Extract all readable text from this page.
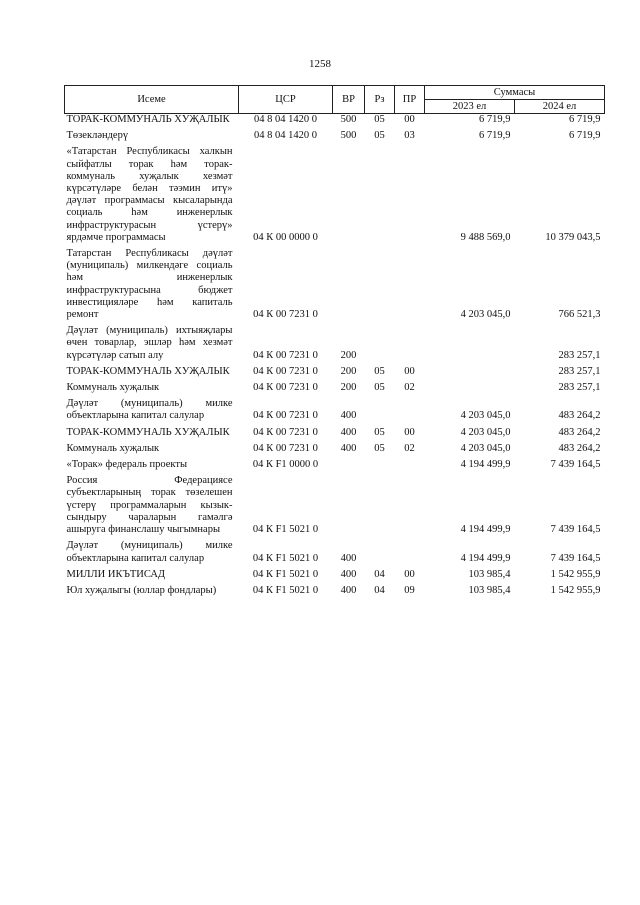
1258
Исеме	ЦСР	ВР	Рз	ПР	Суммасы	
					2023 ел	2024 ел
ТОРАК-КОММУНАЛЬ ХУҖАЛЫК	04 8 04 1420 0	500	05	00	6 719,9	6 719,9
Төзекләндерү	04 8 04 1420 0	500	05	03	6 719,9	6 719,9
«Татарстан Республикасы халкын сыйфатлы торак һәм торак-коммуналь хуҗалык хезмәт күрсәтүләре белән тәэмин итү» дәүләт программасы кысаларында социаль һәм инженерлык инфраструктурасын үстерү» ярдәмче программасы	04 К 00 0000 0				9 488 569,0	10 379 043,5
Татарстан Республикасы дәүләт (муниципаль) милкендәге социаль һәм инженерлык инфраструктурасына бюджет инвестицияләре һәм капиталь ремонт	04 К 00 7231 0				4 203 045,0	766 521,3
Дәүләт (муниципаль) ихтыяҗлары өчен товарлар, эшләр һәм хезмәт күрсәтүләр сатып алу	04 К 00 7231 0	200				283 257,1
ТОРАК-КОММУНАЛЬ ХУҖАЛЫК	04 К 00 7231 0	200	05	00		283 257,1
Коммуналь хуҗалык	04 К 00 7231 0	200	05	02		283 257,1
Дәүләт (муниципаль) милке объектларына капитал салулар	04 К 00 7231 0	400			4 203 045,0	483 264,2
ТОРАК-КОММУНАЛЬ ХУҖАЛЫК	04 К 00 7231 0	400	05	00	4 203 045,0	483 264,2
Коммуналь хуҗалык	04 К 00 7231 0	400	05	02	4 203 045,0	483 264,2
«Торак» федераль проекты	04 К F1 0000 0				4 194 499,9	7 439 164,5
Россия Федерациясе субъектларының торак төзелешен үстерү программаларын кызык-сындыру чараларын гамәлгә ашыруга финанслашу чыгымнары	04 К F1 5021 0				4 194 499,9	7 439 164,5
Дәүләт (муниципаль) милке объектларына капитал салулар	04 К F1 5021 0	400			4 194 499,9	7 439 164,5
МИЛЛИ ИКЪТИСАД	04 К F1 5021 0	400	04	00	103 985,4	1 542 955,9
Юл хуҗалыгы (юллар фондлары)	04 К F1 5021 0	400	04	09	103 985,4	1 542 955,9
